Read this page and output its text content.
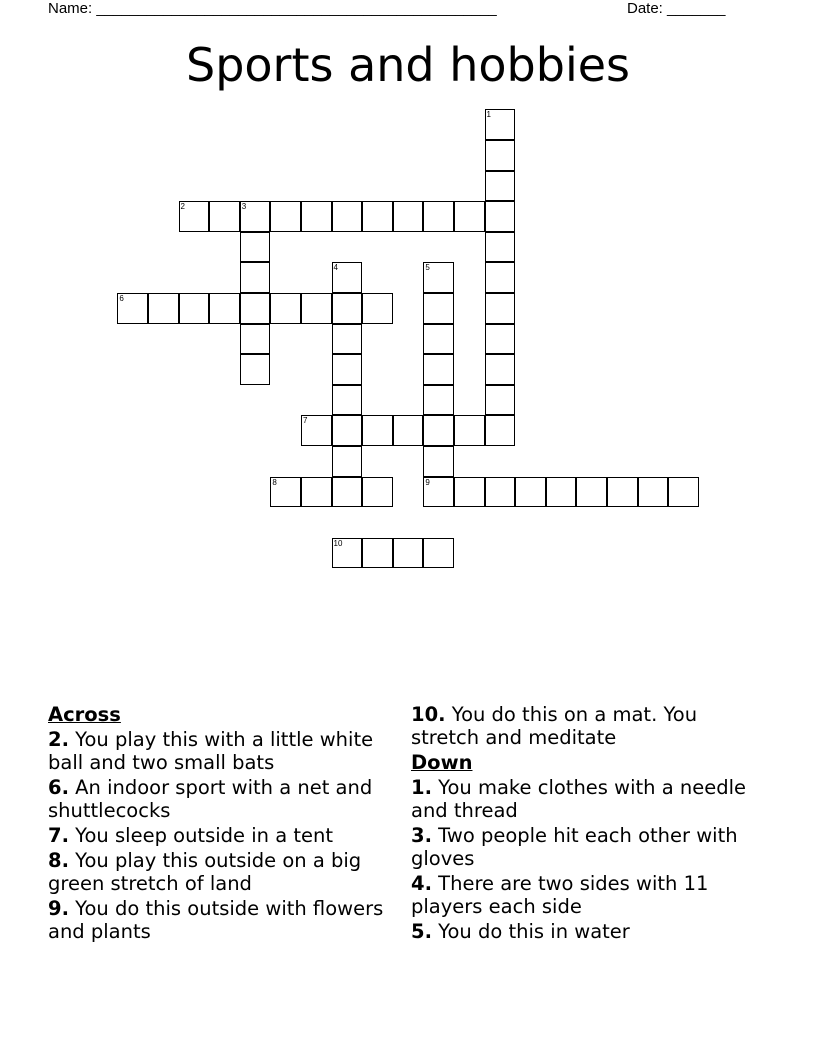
Name: ________________________________________________	Date: _______
Sports and hobbies
1
2	3
4	5
9
6
7
8
10
Across
2. You play this with a little white ball and two small bats
6. An indoor sport with a net and shuttlecocks
7. You sleep outside in a tent
8. You play this outside on a big green stretch of land
9. You do this outside with flowers and plants
10. You do this on a mat. You stretch and meditate
Down
1. You make clothes with a needle and thread
3. Two people hit each other with gloves
4. There are two sides with 11 players each side
5. You do this in water
